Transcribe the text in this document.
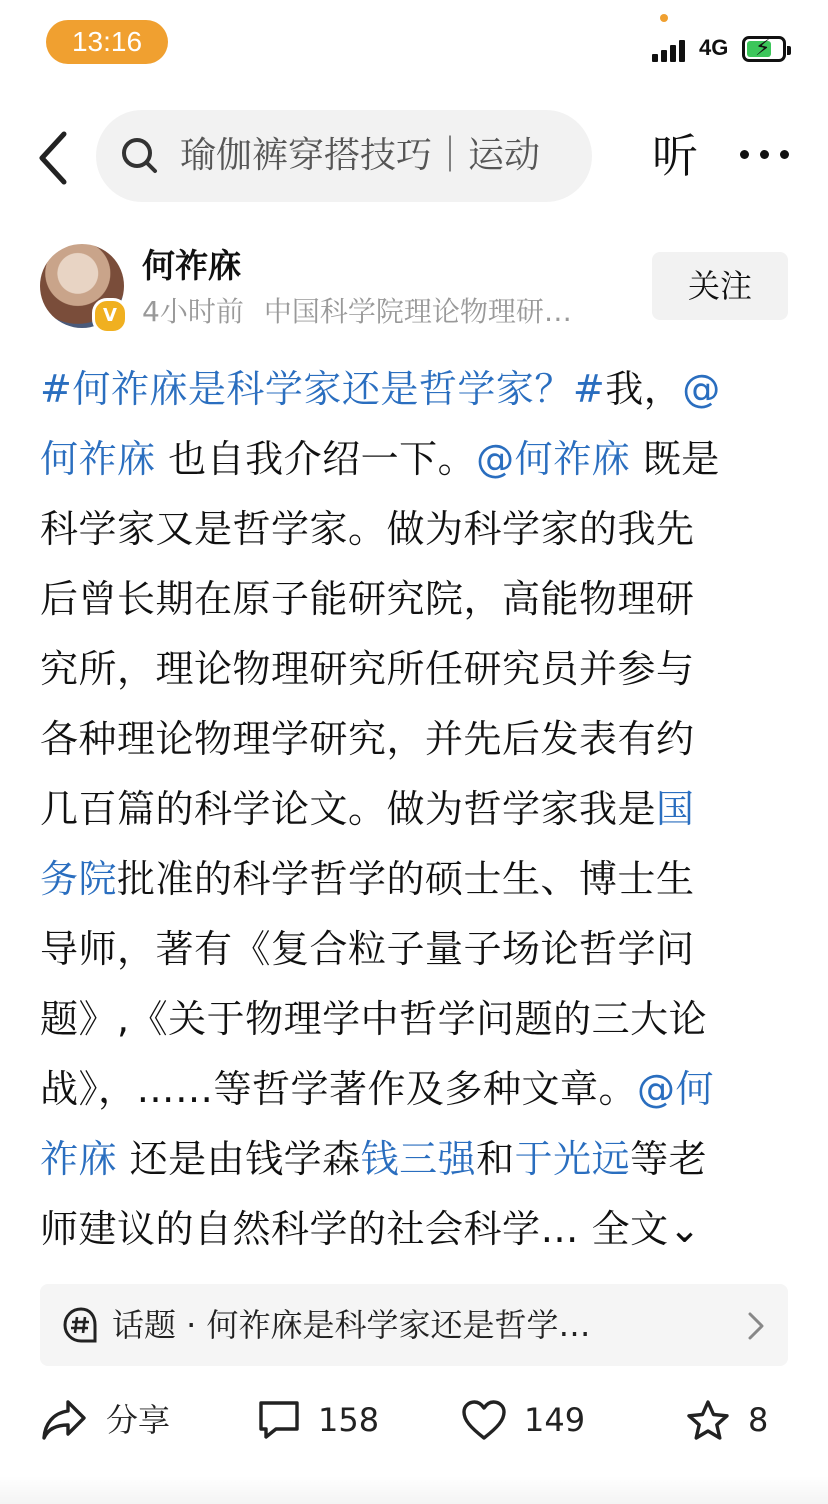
13:16	4G ⚡
瑜伽裤穿搭技巧｜运动 听
V
何祚庥
4小时前 中国科学院理论物理研…
关注
#何祚庥是科学家还是哲学家？#我，@
何祚庥 也自我介绍一下。@何祚庥 既是
科学家又是哲学家。做为科学家的我先
后曾长期在原子能研究院，高能物理研
究所，理论物理研究所任研究员并参与
各种理论物理学研究，并先后发表有约
几百篇的科学论文。做为哲学家我是国
务院批准的科学哲学的硕士生、博士生
导师，著有《复合粒子量子场论哲学问
题》,《关于物理学中哲学问题的三大论
战》，……等哲学著作及多种文章。@何
祚庥 还是由钱学森钱三强和于光远等老
师建议的自然科学的社会科学… 全文⌄
话题 · 何祚庥是科学家还是哲学…
分享	158	149	8
